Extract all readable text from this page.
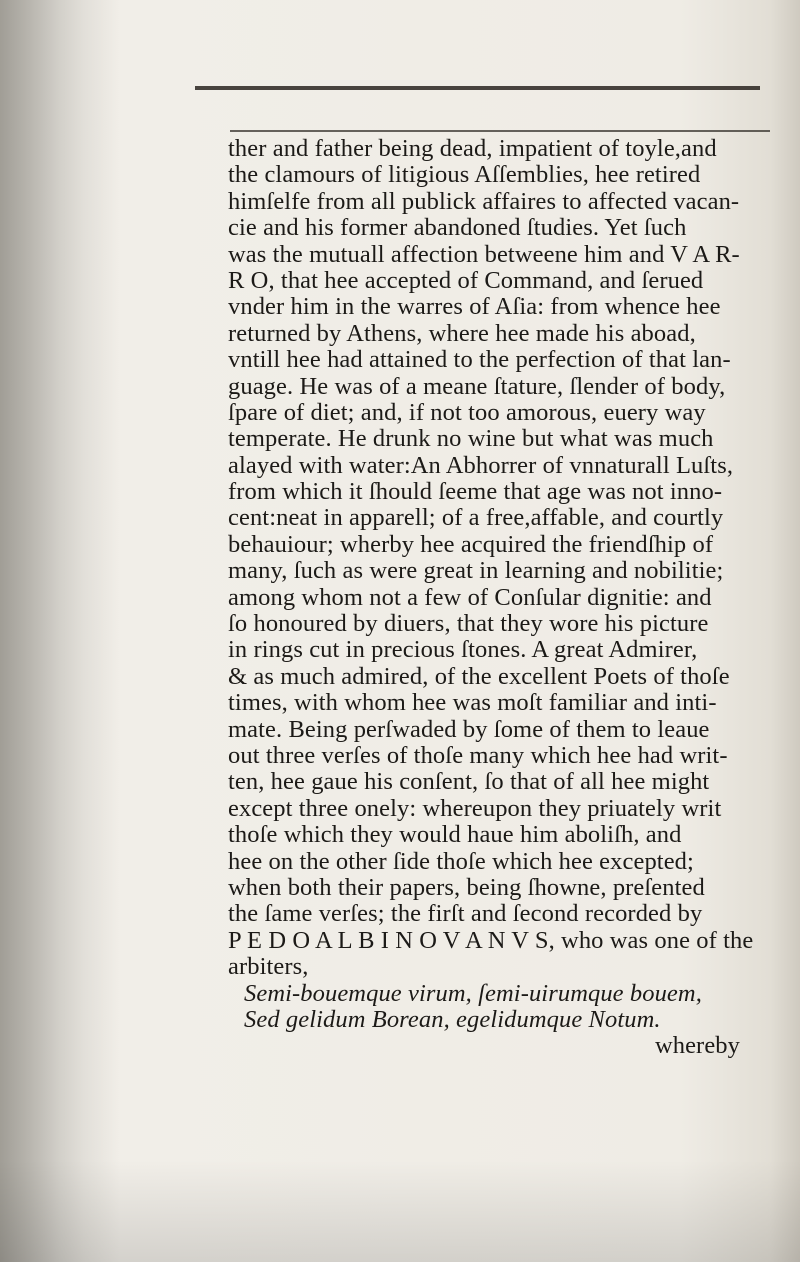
ther and father being dead, impatient of toyle,and
the clamours of litigious Aſſemblies, hee retired
himſelfe from all publick affaires to affected vacan-
cie and his former abandoned ſtudies. Yet ſuch
was the mutuall affection betweene him and V A R-
R O, that hee accepted of Command, and ſerued
vnder him in the warres of Aſia: from whence hee
returned by Athens, where hee made his aboad,
vntill hee had attained to the perfection of that lan-
guage. He was of a meane ſtature, ſlender of body,
ſpare of diet; and, if not too amorous, euery way
temperate. He drunk no wine but what was much
alayed with water:An Abhorrer of vnnaturall Luſts,
from which it ſhould ſeeme that age was not inno-
cent:neat in apparell; of a free,affable, and courtly
behauiour; wherby hee acquired the friendſhip of
many, ſuch as were great in learning and nobilitie;
among whom not a few of Conſular dignitie: and
ſo honoured by diuers, that they wore his picture
in rings cut in precious ſtones. A great Admirer,
& as much admired, of the excellent Poets of thoſe
times, with whom hee was moſt familiar and inti-
mate. Being perſwaded by ſome of them to leaue
out three verſes of thoſe many which hee had writ-
ten, hee gaue his conſent, ſo that of all hee might
except three onely: whereupon they priuately writ
thoſe which they would haue him aboliſh, and
hee on the other ſide thoſe which hee excepted;
when both their papers, being ſhowne, preſented
the ſame verſes; the firſt and ſecond recorded by
P E D O A L B I N O V A N V S, who was one of the
arbiters,
Semi-bouemque virum, ſemi-uirumque bouem,
Sed gelidum Borean, egelidumque Notum.
whereby
